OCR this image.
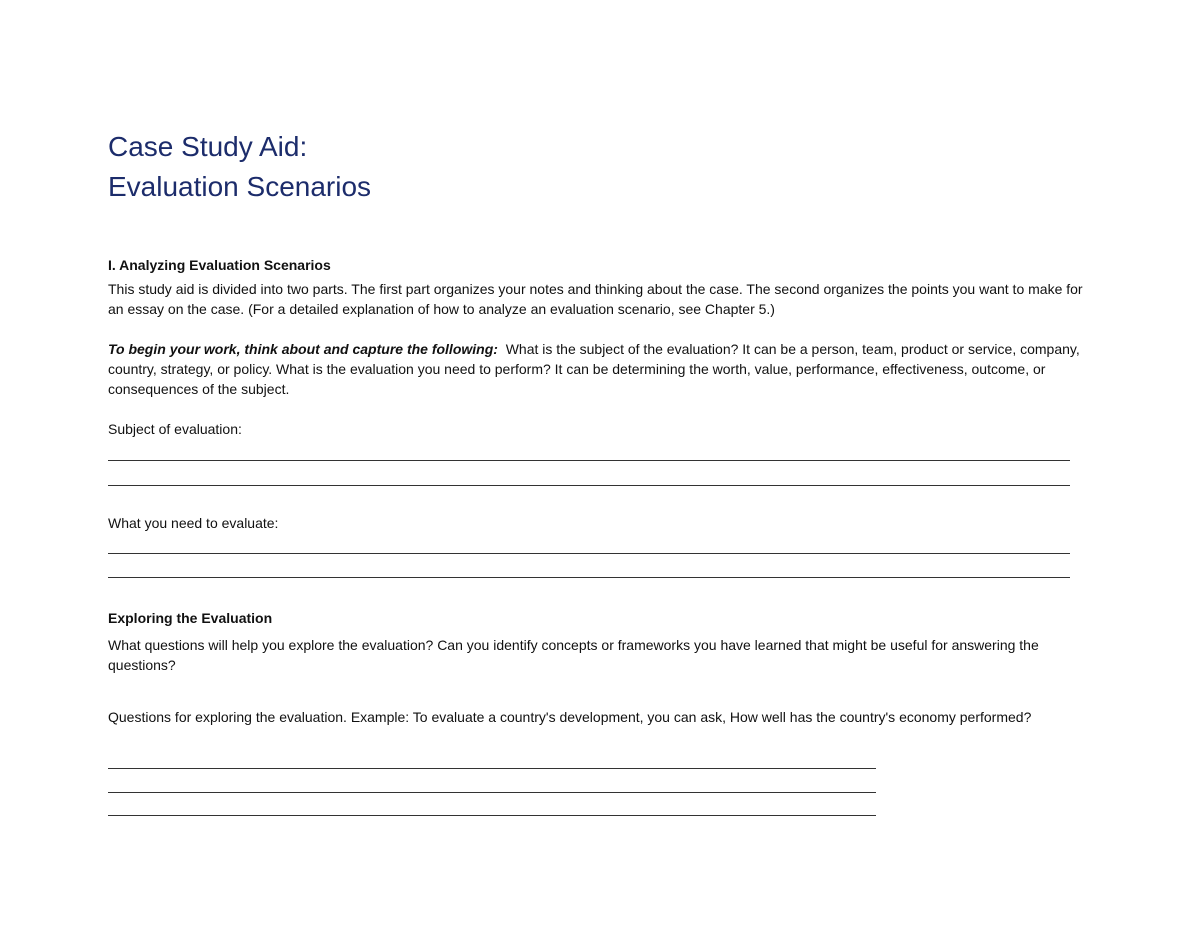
Case Study Aid:
Evaluation Scenarios

I. Analyzing Evaluation Scenarios

This study aid is divided into two parts. The first part organizes your notes and thinking about the case. The second organizes the points you want to make for an essay on the case. (For a detailed explanation of how to analyze an evaluation scenario, see Chapter 5.)

To begin your work, think about and capture the following: What is the subject of the evaluation? It can be a person, team, product or service, company, country, strategy, or policy. What is the evaluation you need to perform? It can be determining the worth, value, performance, effectiveness, outcome, or consequences of the subject.

Subject of evaluation:

What you need to evaluate:

Exploring the Evaluation

What questions will help you explore the evaluation? Can you identify concepts or frameworks you have learned that might be useful for answering the questions?

Questions for exploring the evaluation. Example: To evaluate a country's development, you can ask, How well has the country's economy performed?
